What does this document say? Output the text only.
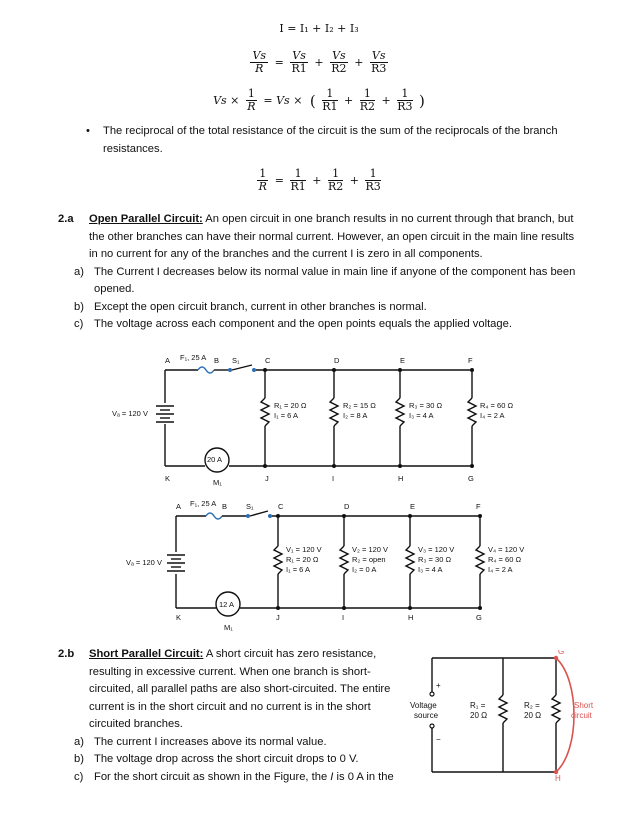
I = I₁ + I₂ + I₃
$\frac{Vs}{R} = \frac{Vs}{R1} + \frac{Vs}{R2} + \frac{Vs}{R3}$
$Vs \times \frac{1}{R} = Vs$ × ( $\frac{1}{R1} + \frac{1}{R2} + \frac{1}{R3}$ )
• The reciprocal of the total resistance of the circuit is the sum of the reciprocals of the branch
resistances.
$\frac{1}{R} = \frac{1}{R1} + \frac{1}{R2} + \frac{1}{R3}$
2.a Open Parallel Circuit: An open circuit in one branch results in no current through that branch, but
the other branches can have their normal current. However, an open circuit in the main line results
in no current for any of the branches and the current I is zero in all components.
a) The Current I decreases below its normal value in main line if anyone of the component has been
opened.
b) Except the open circuit branch, current in other branches is normal.
c) The voltage across each component and the open points equals the applied voltage.
A F₁, 25 A B S₁	C	D	E	F
G
H
I
J
K
Vₐ = 120 V
20 A
M₁
R₁ = 20 Ω
I₁ = 6 A
R₂ = 15 Ω
I₂ = 8 A
R₃ = 30 Ω
I₃ = 4 A
R₄ = 60 Ω
I₄ = 2 A
A F₁, 25 A B	S₁	C	D	E	F
G
H
I
J
K
Vₐ = 120 V
12 A
M₁
V₁ = 120 V
R₁ = 20 Ω
I₁ = 6 A
V₂ = 120 V
R₂ = open
I₂ = 0 A
V₃ = 120 V
R₃ = 30 Ω
I₃ = 4 A
V₄ = 120 V
R₄ = 60 Ω
I₄ = 2 A
2.b Short Parallel Circuit: A short circuit has zero resistance,
resulting in excessive current. When one branch is short-
circuited, all parallel paths are also short-circuited. The entire
current is in the short circuit and no current is in the short
circuited branches.
a) The current I increases above its normal value.
b) The voltage drop across the short circuit drops to 0 V.
c) For the short circuit as shown in the Figure, the I is 0 A in the
+
−
Voltage
source
R₁ =
20 Ω
R₂ =
20 Ω
G
H
Short
circuit
